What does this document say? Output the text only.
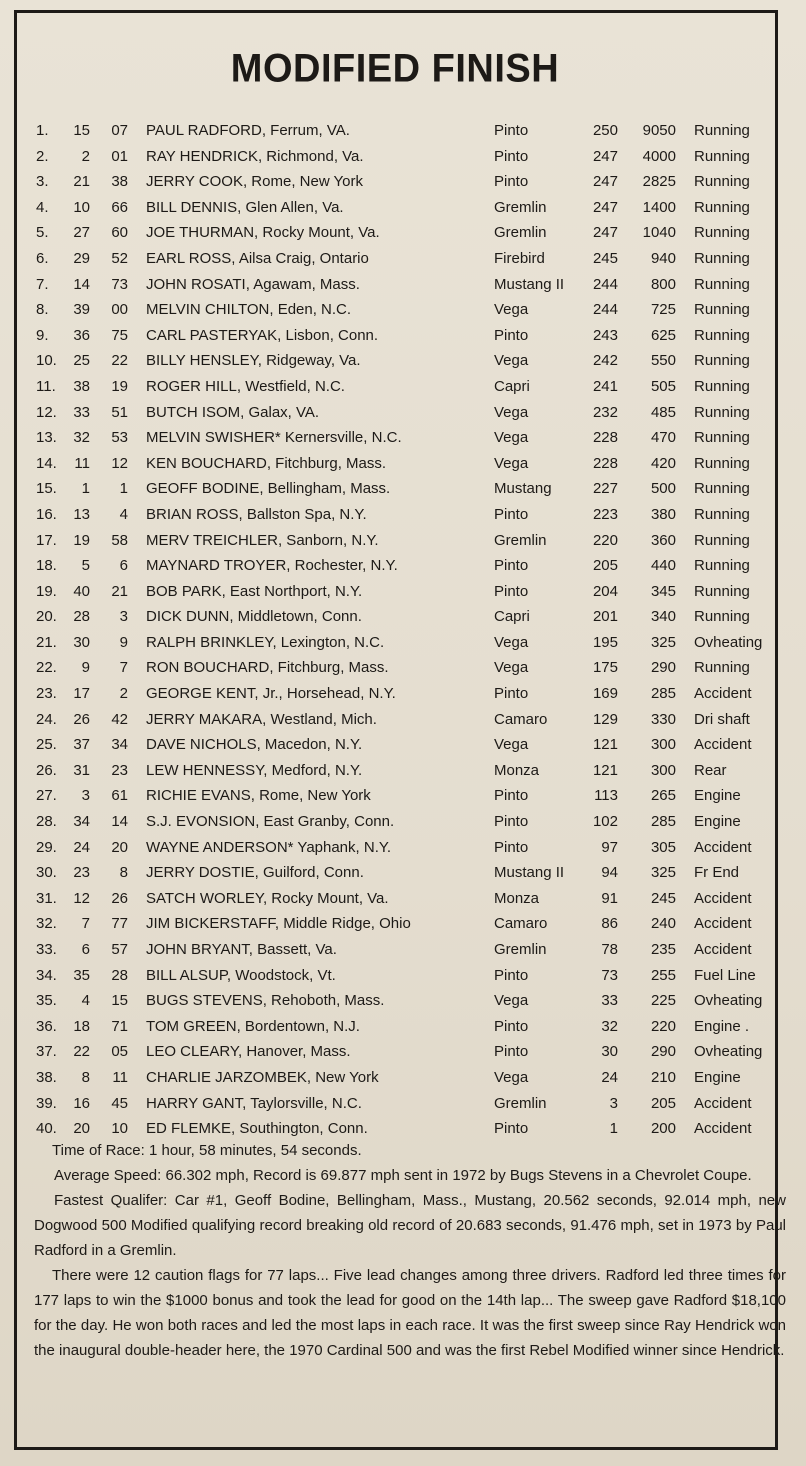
MODIFIED FINISH
1.	15	07 PAUL RADFORD, Ferrum, VA.	Pinto	250	9050 Running
2.	2	01 RAY HENDRICK, Richmond, Va.	Pinto	247	4000 Running
3.	21	38 JERRY COOK, Rome, New York	Pinto	247	2825 Running
4.	10	66 BILL DENNIS, Glen Allen, Va.	Gremlin	247	1400 Running
5.	27	60 JOE THURMAN, Rocky Mount, Va.	Gremlin	247	1040 Running
6.	29	52 EARL ROSS, Ailsa Craig, Ontario	Firebird	245	940 Running
7.	14	73 JOHN ROSATI, Agawam, Mass.	Mustang II	244	800 Running
8.	39	00 MELVIN CHILTON, Eden, N.C.	Vega	244	725 Running
9.	36	75 CARL PASTERYAK, Lisbon, Conn.	Pinto	243	625 Running
10.	25	22 BILLY HENSLEY, Ridgeway, Va.	Vega	242	550 Running
11.	38	19 ROGER HILL, Westfield, N.C.	Capri	241	505 Running
12.	33	51 BUTCH ISOM, Galax, VA.	Vega	232	485 Running
13.	32	53 MELVIN SWISHER* Kernersville, N.C.	Vega	228	470 Running
14.	11	12 KEN BOUCHARD, Fitchburg, Mass.	Vega	228	420 Running
15.	1	1 GEOFF BODINE, Bellingham, Mass.	Mustang	227	500 Running
16.	13	4 BRIAN ROSS, Ballston Spa, N.Y.	Pinto	223	380 Running
17.	19	58 MERV TREICHLER, Sanborn, N.Y.	Gremlin	220	360 Running
18.	5	6 MAYNARD TROYER, Rochester, N.Y.	Pinto	205	440 Running
19.	40	21 BOB PARK, East Northport, N.Y.	Pinto	204	345 Running
20.	28	3 DICK DUNN, Middletown, Conn.	Capri	201	340 Running
21.	30	9 RALPH BRINKLEY, Lexington, N.C.	Vega	195	325 Ovheating
22.	9	7 RON BOUCHARD, Fitchburg, Mass.	Vega	175	290 Running
23.	17	2 GEORGE KENT, Jr., Horsehead, N.Y.	Pinto	169	285 Accident
24.	26	42 JERRY MAKARA, Westland, Mich.	Camaro	129	330 Dri shaft
25.	37	34 DAVE NICHOLS, Macedon, N.Y.	Vega	121	300 Accident
26.	31	23 LEW HENNESSY, Medford, N.Y.	Monza	121	300 Rear
27.	3	61 RICHIE EVANS, Rome, New York	Pinto	113	265 Engine
28.	34	14 S.J. EVONSION, East Granby, Conn.	Pinto	102	285 Engine
29.	24	20 WAYNE ANDERSON* Yaphank, N.Y.	Pinto	97	305 Accident
30.	23	8 JERRY DOSTIE, Guilford, Conn.	Mustang II	94	325 Fr End
31.	12	26 SATCH WORLEY, Rocky Mount, Va.	Monza	91	245 Accident
32.	7	77 JIM BICKERSTAFF, Middle Ridge, Ohio	Camaro	86	240 Accident
33.	6	57 JOHN BRYANT, Bassett, Va.	Gremlin	78	235 Accident
34.	35	28 BILL ALSUP, Woodstock, Vt.	Pinto	73	255 Fuel Line
35.	4	15 BUGS STEVENS, Rehoboth, Mass.	Vega	33	225 Ovheating
36.	18	71 TOM GREEN, Bordentown, N.J.	Pinto	32	220 Engine .
37.	22	05 LEO CLEARY, Hanover, Mass.	Pinto	30	290 Ovheating
38.	8	11 CHARLIE JARZOMBEK, New York	Vega	24	210 Engine
39.	16	45 HARRY GANT, Taylorsville, N.C.	Gremlin	3	205 Accident
40.	20	10 ED FLEMKE, Southington, Conn.	Pinto	1	200 Accident

Time of Race: 1 hour, 58 minutes, 54 seconds.

Average Speed: 66.302 mph, Record is 69.877 mph sent in 1972 by Bugs Stevens in a Chevrolet Coupe.

Fastest Qualifer: Car #1, Geoff Bodine, Bellingham, Mass., Mustang, 20.562 seconds, 92.014 mph, new Dogwood 500 Modified qualifying record breaking old record of 20.683 seconds, 91.476 mph, set in 1973 by Paul Radford in a Gremlin.

There were 12 caution flags for 77 laps... Five lead changes among three drivers. Radford led three times for 177 laps to win the $1000 bonus and took the lead for good on the 14th lap... The sweep gave Radford $18,100 for the day. He won both races and led the most laps in each race. It was the first sweep since Ray Hendrick won the inaugural double-header here, the 1970 Cardinal 500 and was the first Rebel Modified winner since Hendrick.
